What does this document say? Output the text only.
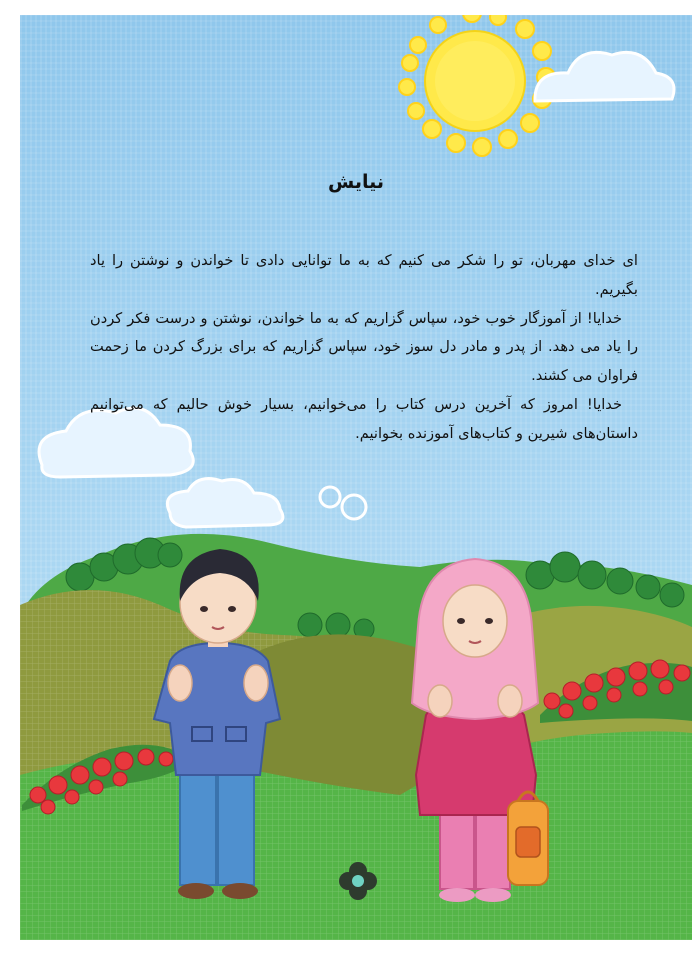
نیایش

ای خدای مهربان، تو را شکر می کنیم که به ما توانایی دادی تا خواندن و نوشتن را یاد بگیریم.

خدایا! از آموزگار خوب خود، سپاس گزاریم که به ما خواندن، نوشتن و درست فکر کردن را یاد می دهد. از پدر و مادر دل سوز خود، سپاس گزاریم که برای بزرگ کردن ما زحمت فراوان می کشند.

خدایا! امروز که آخرین درس کتاب را می‌خوانیم، بسیار خوش حالیم که می‌توانیم داستان‌های شیرین و کتاب‌های آموزنده بخوانیم.
